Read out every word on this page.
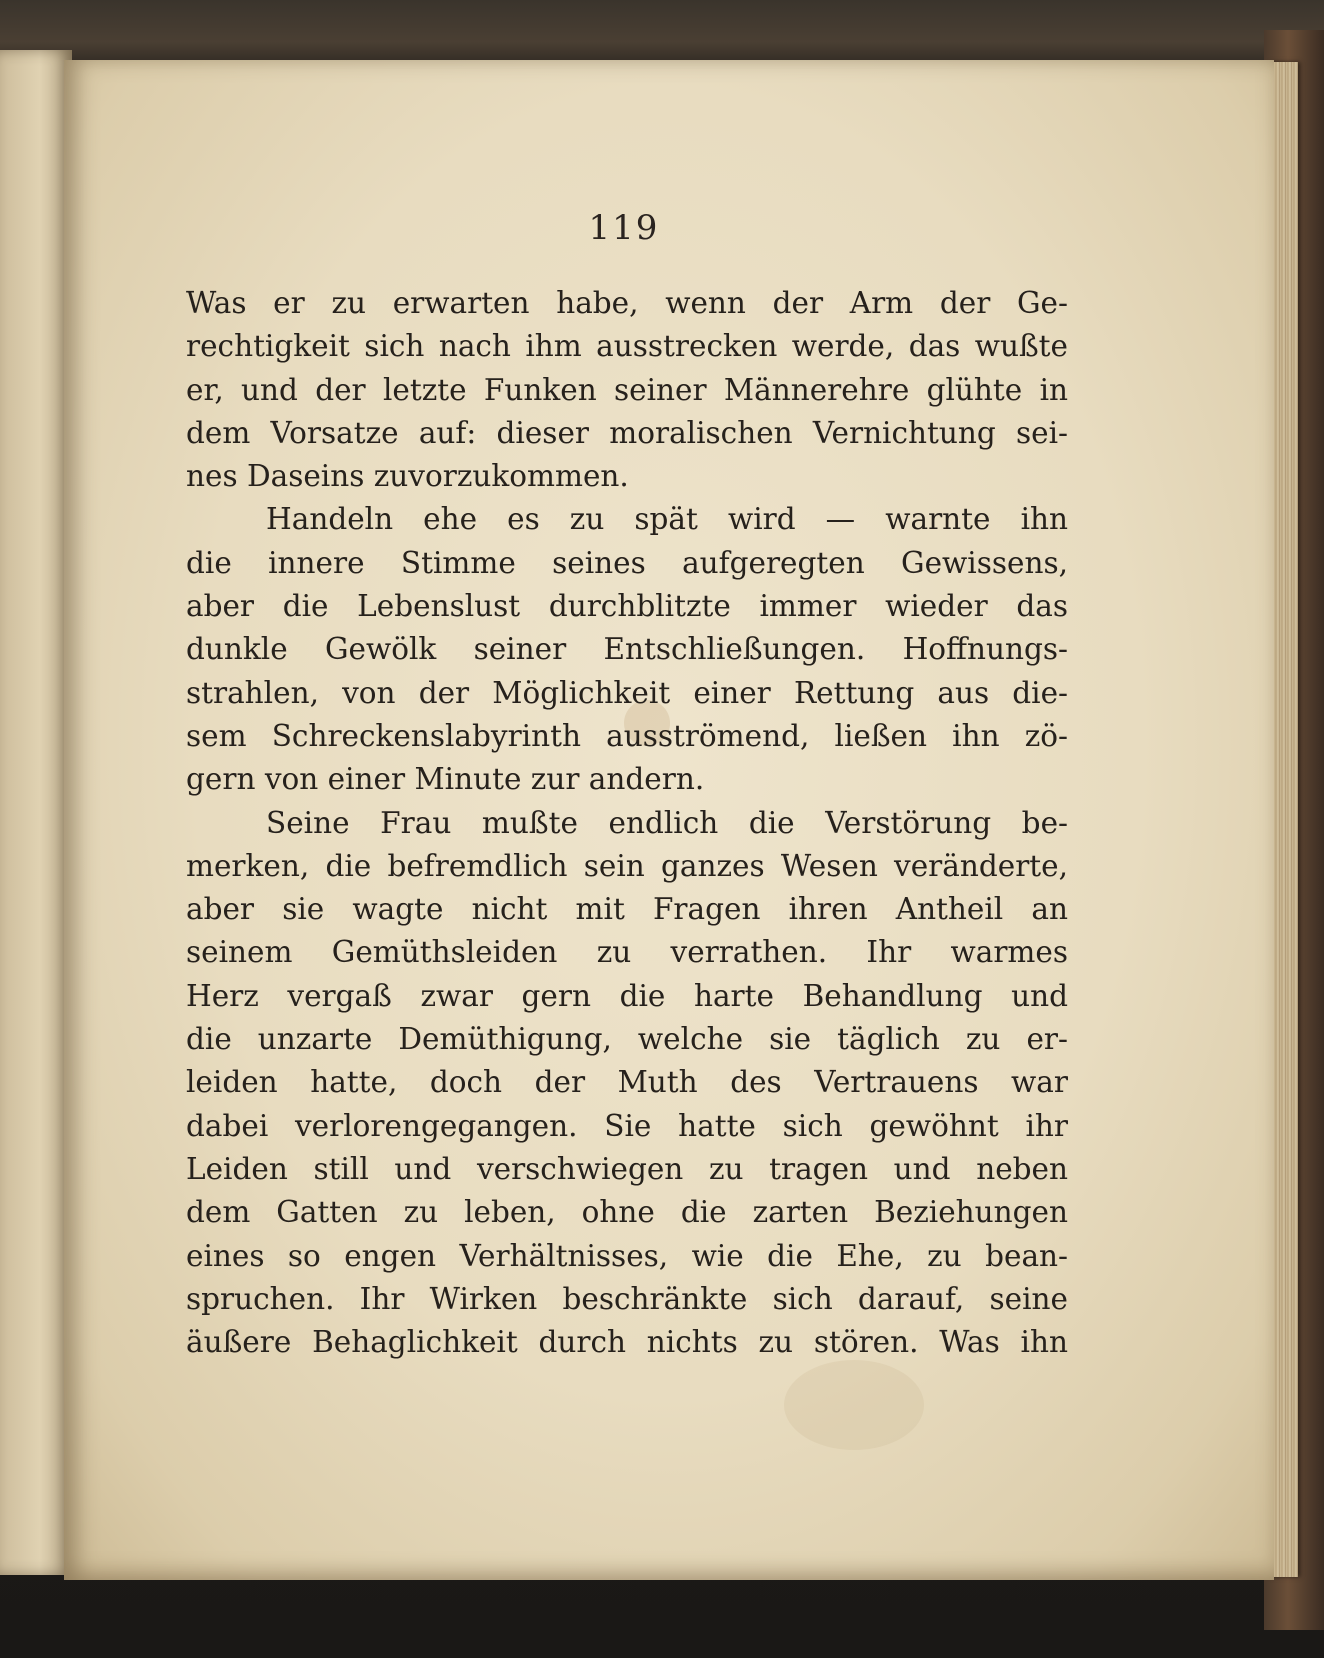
119
Was er zu erwarten habe, wenn der Arm der Ge-
rechtigkeit sich nach ihm ausstrecken werde, das wußte
er, und der letzte Funken seiner Männerehre glühte in
dem Vorsatze auf: dieser moralischen Vernichtung sei-
nes Daseins zuvorzukommen.
Handeln ehe es zu spät wird — warnte ihn
die innere Stimme seines aufgeregten Gewissens,
aber die Lebenslust durchblitzte immer wieder das
dunkle Gewölk seiner Entschließungen. Hoffnungs-
strahlen, von der Möglichkeit einer Rettung aus die-
sem Schreckenslabyrinth ausströmend, ließen ihn zö-
gern von einer Minute zur andern.
Seine Frau mußte endlich die Verstörung be-
merken, die befremdlich sein ganzes Wesen veränderte,
aber sie wagte nicht mit Fragen ihren Antheil an
seinem Gemüthsleiden zu verrathen. Ihr warmes
Herz vergaß zwar gern die harte Behandlung und
die unzarte Demüthigung, welche sie täglich zu er-
leiden hatte, doch der Muth des Vertrauens war
dabei verlorengegangen. Sie hatte sich gewöhnt ihr
Leiden still und verschwiegen zu tragen und neben
dem Gatten zu leben, ohne die zarten Beziehungen
eines so engen Verhältnisses, wie die Ehe, zu bean-
spruchen. Ihr Wirken beschränkte sich darauf, seine
äußere Behaglichkeit durch nichts zu stören. Was ihn
